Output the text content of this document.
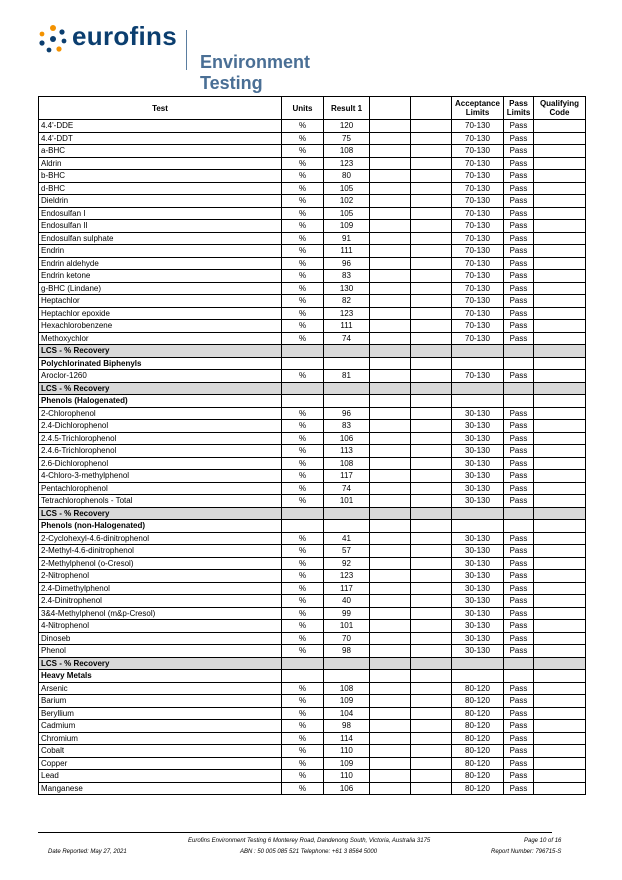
eurofins
Environment Testing
Test	Units	Result 1			Acceptance Limits	Pass Limits	Qualifying Code
4.4'-DDE	%	120			70-130	Pass	
4.4'-DDT	%	75			70-130	Pass	
a-BHC	%	108			70-130	Pass	
Aldrin	%	123			70-130	Pass	
b-BHC	%	80			70-130	Pass	
d-BHC	%	105			70-130	Pass	
Dieldrin	%	102			70-130	Pass	
Endosulfan I	%	105			70-130	Pass	
Endosulfan II	%	109			70-130	Pass	
Endosulfan sulphate	%	91			70-130	Pass	
Endrin	%	111			70-130	Pass	
Endrin aldehyde	%	96			70-130	Pass	
Endrin ketone	%	83			70-130	Pass	
g-BHC (Lindane)	%	130			70-130	Pass	
Heptachlor	%	82			70-130	Pass	
Heptachlor epoxide	%	123			70-130	Pass	
Hexachlorobenzene	%	111			70-130	Pass	
Methoxychlor	%	74			70-130	Pass	
LCS - % Recovery							
Polychlorinated Biphenyls							
Aroclor-1260	%	81			70-130	Pass	
LCS - % Recovery							
Phenols (Halogenated)							
2-Chlorophenol	%	96			30-130	Pass	
2.4-Dichlorophenol	%	83			30-130	Pass	
2.4.5-Trichlorophenol	%	106			30-130	Pass	
2.4.6-Trichlorophenol	%	113			30-130	Pass	
2.6-Dichlorophenol	%	108			30-130	Pass	
4-Chloro-3-methylphenol	%	117			30-130	Pass	
Pentachlorophenol	%	74			30-130	Pass	
Tetrachlorophenols - Total	%	101			30-130	Pass	
LCS - % Recovery							
Phenols (non-Halogenated)							
2-Cyclohexyl-4.6-dinitrophenol	%	41			30-130	Pass	
2-Methyl-4.6-dinitrophenol	%	57			30-130	Pass	
2-Methylphenol (o-Cresol)	%	92			30-130	Pass	
2-Nitrophenol	%	123			30-130	Pass	
2.4-Dimethylphenol	%	117			30-130	Pass	
2.4-Dinitrophenol	%	40			30-130	Pass	
3&4-Methylphenol (m&p-Cresol)	%	99			30-130	Pass	
4-Nitrophenol	%	101			30-130	Pass	
Dinoseb	%	70			30-130	Pass	
Phenol	%	98			30-130	Pass	
LCS - % Recovery							
Heavy Metals							
Arsenic	%	108			80-120	Pass	
Barium	%	109			80-120	Pass	
Beryllium	%	104			80-120	Pass	
Cadmium	%	98			80-120	Pass	
Chromium	%	114			80-120	Pass	
Cobalt	%	110			80-120	Pass	
Copper	%	109			80-120	Pass	
Lead	%	110			80-120	Pass	
Manganese	%	106			80-120	Pass	
Eurofins Environment Testing 6 Monterey Road, Dandenong South, Victoria, Australia 3175	Page 10 of 16
Date Reported: May 27, 2021	ABN : 50 005 085 521 Telephone: +61 3 8564 5000	Report Number: 796715-S
